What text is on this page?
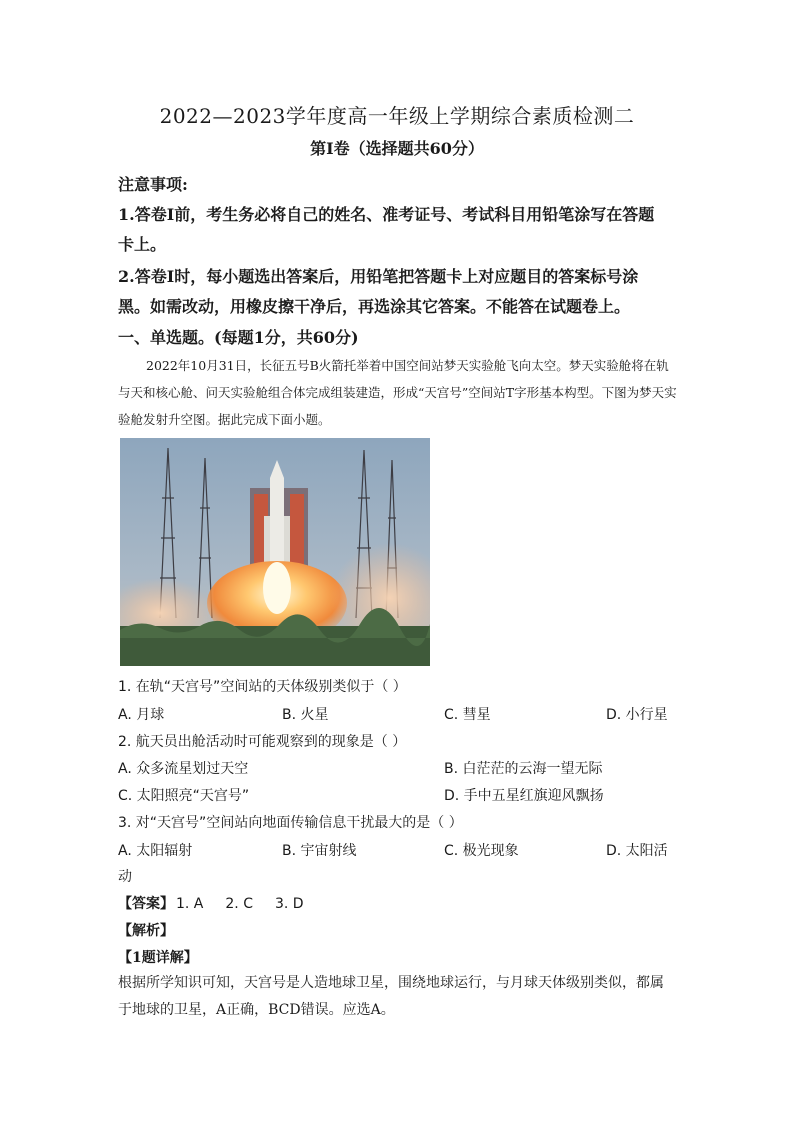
2022—2023学年度高一年级上学期综合素质检测二
第Ⅰ卷（选择题共60分）
注意事项:
1.答卷Ⅰ前，考生务必将自己的姓名、准考证号、考试科目用铅笔涂写在答题
卡上。
2.答卷Ⅰ时，每小题选出答案后，用铅笔把答题卡上对应题目的答案标号涂
黑。如需改动，用橡皮擦干净后，再选涂其它答案。不能答在试题卷上。
一、单选题。(每题1分，共60分)

2022年10月31日，长征五号B火箭托举着中国空间站梦天实验舱飞向太空。梦天实验舱将在轨与天和核心舱、问天实验舱组合体完成组装建造，形成“天宫号”空间站T字形基本构型。下图为梦天实验舱发射升空图。据此完成下面小题。

1. 在轨“天宫号”空间站的天体级别类似于（ ）
A. 月球	B. 火星	C. 彗星	D. 小行星
2. 航天员出舱活动时可能观察到的现象是（ ）
A. 众多流星划过天空	B. 白茫茫的云海一望无际
C. 太阳照亮“天宫号”	D. 手中五星红旗迎风飘扬
3. 对“天宫号”空间站向地面传输信息干扰最大的是（ ）
A. 太阳辐射	B. 宇宙射线	C. 极光现象	D. 太阳活
动
【答案】 1. A 2. C 3. D
【解析】
【1题详解】

根据所学知识可知，天宫号是人造地球卫星，围绕地球运行，与月球天体级别类似，都属

于地球的卫星，A正确，BCD错误。应选A。
